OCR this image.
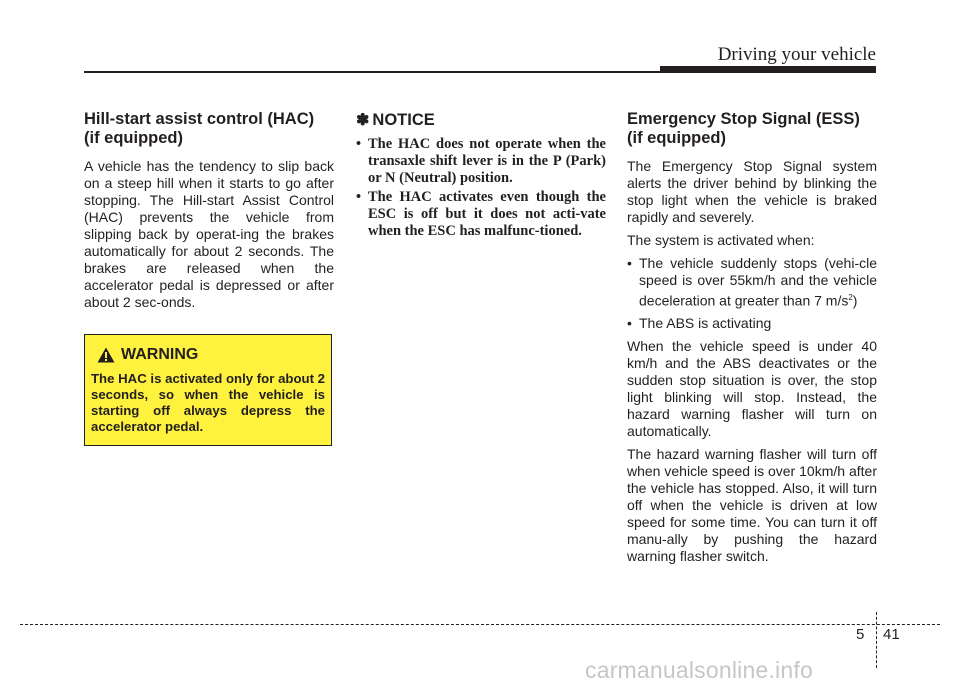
Driving your vehicle
Hill-start assist control (HAC)
(if equipped)

A vehicle has the tendency to slip back on a steep hill when it starts to go after stopping. The Hill-start Assist Control (HAC) prevents the vehicle from slipping back by operat-ing the brakes automatically for about 2 seconds. The brakes are released when the accelerator pedal is depressed or after about 2 sec-onds.

WARNING
The HAC is activated only for about 2 seconds, so when the vehicle is starting off always depress the accelerator pedal.
✽ NOTICE
• The HAC does not operate when the transaxle shift lever is in the P (Park) or N (Neutral) position.
• The HAC activates even though the ESC is off but it does not acti-vate when the ESC has malfunc-tioned.
Emergency Stop Signal (ESS)
(if equipped)

The Emergency Stop Signal system alerts the driver behind by blinking the stop light when the vehicle is braked rapidly and severely.

The system is activated when:

• The vehicle suddenly stops (vehi-cle speed is over 55km/h and the vehicle deceleration at greater than 7 $m/s^2$)
• The ABS is activating

When the vehicle speed is under 40 km/h and the ABS deactivates or the sudden stop situation is over, the stop light blinking will stop. Instead, the hazard warning flasher will turn on automatically.

The hazard warning flasher will turn off when vehicle speed is over 10km/h after the vehicle has stopped. Also, it will turn off when the vehicle is driven at low speed for some time. You can turn it off manu-ally by pushing the hazard warning flasher switch.

5 41
carmanualsonline.info
